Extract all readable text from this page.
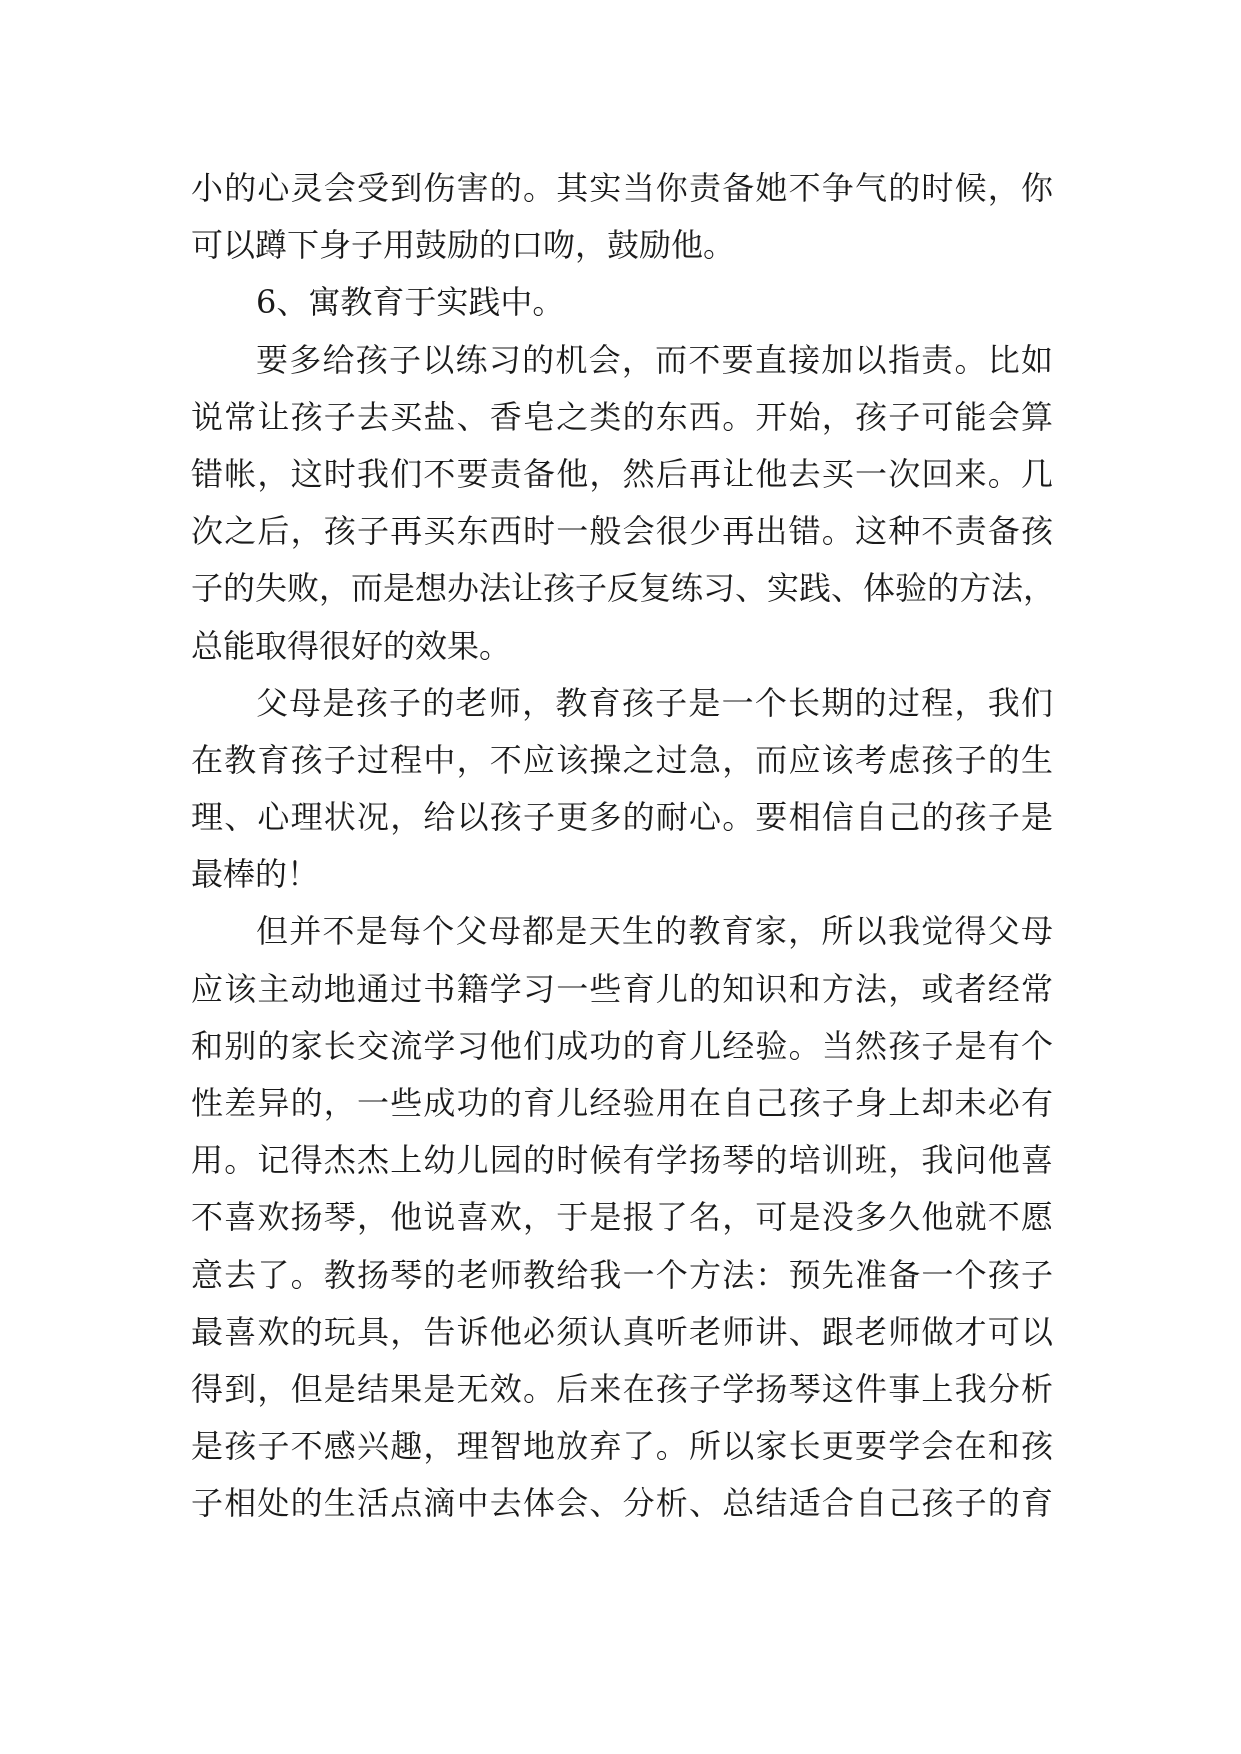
小的心灵会受到伤害的。其实当你责备她不争气的时候，你
可以蹲下身子用鼓励的口吻，鼓励他。
6、寓教育于实践中。
要多给孩子以练习的机会，而不要直接加以指责。比如
说常让孩子去买盐、香皂之类的东西。开始，孩子可能会算
错帐，这时我们不要责备他，然后再让他去买一次回来。几
次之后，孩子再买东西时一般会很少再出错。这种不责备孩
子的失败，而是想办法让孩子反复练习、实践、体验的方法，
总能取得很好的效果。
父母是孩子的老师，教育孩子是一个长期的过程，我们
在教育孩子过程中，不应该操之过急，而应该考虑孩子的生
理、心理状况，给以孩子更多的耐心。要相信自己的孩子是
最棒的！
但并不是每个父母都是天生的教育家，所以我觉得父母
应该主动地通过书籍学习一些育儿的知识和方法，或者经常
和别的家长交流学习他们成功的育儿经验。当然孩子是有个
性差异的，一些成功的育儿经验用在自己孩子身上却未必有
用。记得杰杰上幼儿园的时候有学扬琴的培训班，我问他喜
不喜欢扬琴，他说喜欢，于是报了名，可是没多久他就不愿
意去了。教扬琴的老师教给我一个方法：预先准备一个孩子
最喜欢的玩具，告诉他必须认真听老师讲、跟老师做才可以
得到，但是结果是无效。后来在孩子学扬琴这件事上我分析
是孩子不感兴趣，理智地放弃了。所以家长更要学会在和孩
子相处的生活点滴中去体会、分析、总结适合自己孩子的育
